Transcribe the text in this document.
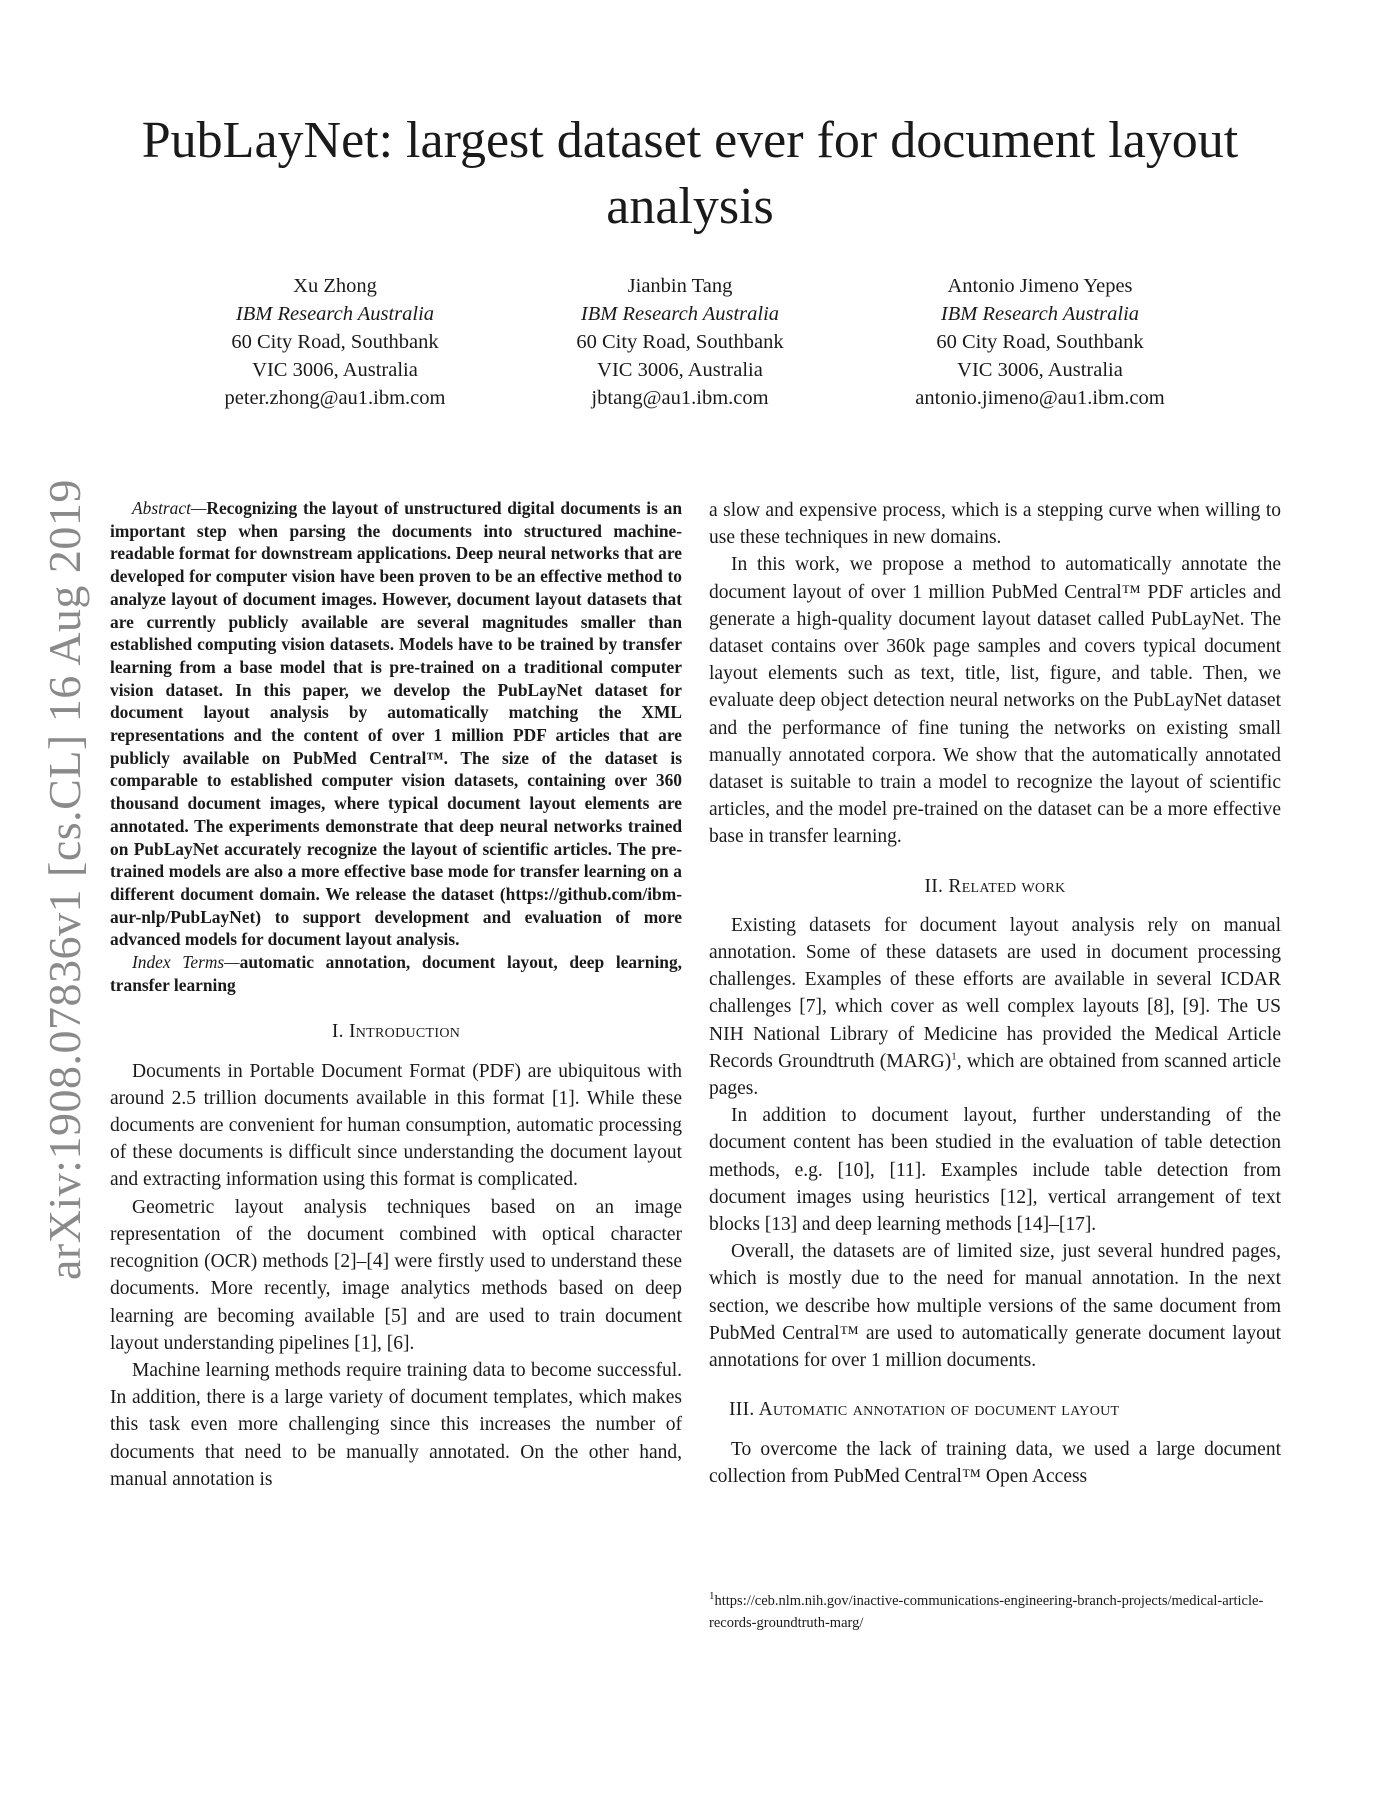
arXiv:1908.07836v1 [cs.CL] 16 Aug 2019
PubLayNet: largest dataset ever for document layout analysis
Xu Zhong
IBM Research Australia
60 City Road, Southbank
VIC 3006, Australia
peter.zhong@au1.ibm.com
Jianbin Tang
IBM Research Australia
60 City Road, Southbank
VIC 3006, Australia
jbtang@au1.ibm.com
Antonio Jimeno Yepes
IBM Research Australia
60 City Road, Southbank
VIC 3006, Australia
antonio.jimeno@au1.ibm.com

Abstract—Recognizing the layout of unstructured digital documents is an important step when parsing the documents into structured machine-readable format for downstream applications. Deep neural networks that are developed for computer vision have been proven to be an effective method to analyze layout of document images. However, document layout datasets that are currently publicly available are several magnitudes smaller than established computing vision datasets. Models have to be trained by transfer learning from a base model that is pre-trained on a traditional computer vision dataset. In this paper, we develop the PubLayNet dataset for document layout analysis by automatically matching the XML representations and the content of over 1 million PDF articles that are publicly available on PubMed Central™. The size of the dataset is comparable to established computer vision datasets, containing over 360 thousand document images, where typical document layout elements are annotated. The experiments demonstrate that deep neural networks trained on PubLayNet accurately recognize the layout of scientific articles. The pre-trained models are also a more effective base mode for transfer learning on a different document domain. We release the dataset (https://github.com/ibm-aur-nlp/PubLayNet) to support development and evaluation of more advanced models for document layout analysis.

Index Terms—automatic annotation, document layout, deep learning, transfer learning

I. Introduction

Documents in Portable Document Format (PDF) are ubiquitous with around 2.5 trillion documents available in this format [1]. While these documents are convenient for human consumption, automatic processing of these documents is difficult since understanding the document layout and extracting information using this format is complicated.

Geometric layout analysis techniques based on an image representation of the document combined with optical character recognition (OCR) methods [2]–[4] were firstly used to understand these documents. More recently, image analytics methods based on deep learning are becoming available [5] and are used to train document layout understanding pipelines [1], [6].

Machine learning methods require training data to become successful. In addition, there is a large variety of document templates, which makes this task even more challenging since this increases the number of documents that need to be manually annotated. On the other hand, manual annotation is

a slow and expensive process, which is a stepping curve when willing to use these techniques in new domains.

In this work, we propose a method to automatically annotate the document layout of over 1 million PubMed Central™ PDF articles and generate a high-quality document layout dataset called PubLayNet. The dataset contains over 360k page samples and covers typical document layout elements such as text, title, list, figure, and table. Then, we evaluate deep object detection neural networks on the PubLayNet dataset and the performance of fine tuning the networks on existing small manually annotated corpora. We show that the automatically annotated dataset is suitable to train a model to recognize the layout of scientific articles, and the model pre-trained on the dataset can be a more effective base in transfer learning.

II. Related work

Existing datasets for document layout analysis rely on manual annotation. Some of these datasets are used in document processing challenges. Examples of these efforts are available in several ICDAR challenges [7], which cover as well complex layouts [8], [9]. The US NIH National Library of Medicine has provided the Medical Article Records Groundtruth (MARG)$^1$, which are obtained from scanned article pages.

In addition to document layout, further understanding of the document content has been studied in the evaluation of table detection methods, e.g. [10], [11]. Examples include table detection from document images using heuristics [12], vertical arrangement of text blocks [13] and deep learning methods [14]–[17].

Overall, the datasets are of limited size, just several hundred pages, which is mostly due to the need for manual annotation. In the next section, we describe how multiple versions of the same document from PubMed Central™ are used to automatically generate document layout annotations for over 1 million documents.

III. Automatic annotation of document layout

To overcome the lack of training data, we used a large document collection from PubMed Central™ Open Access

$^1$https://ceb.nlm.nih.gov/inactive-communications-engineering-branch-projects/medical-article-records-groundtruth-marg/
